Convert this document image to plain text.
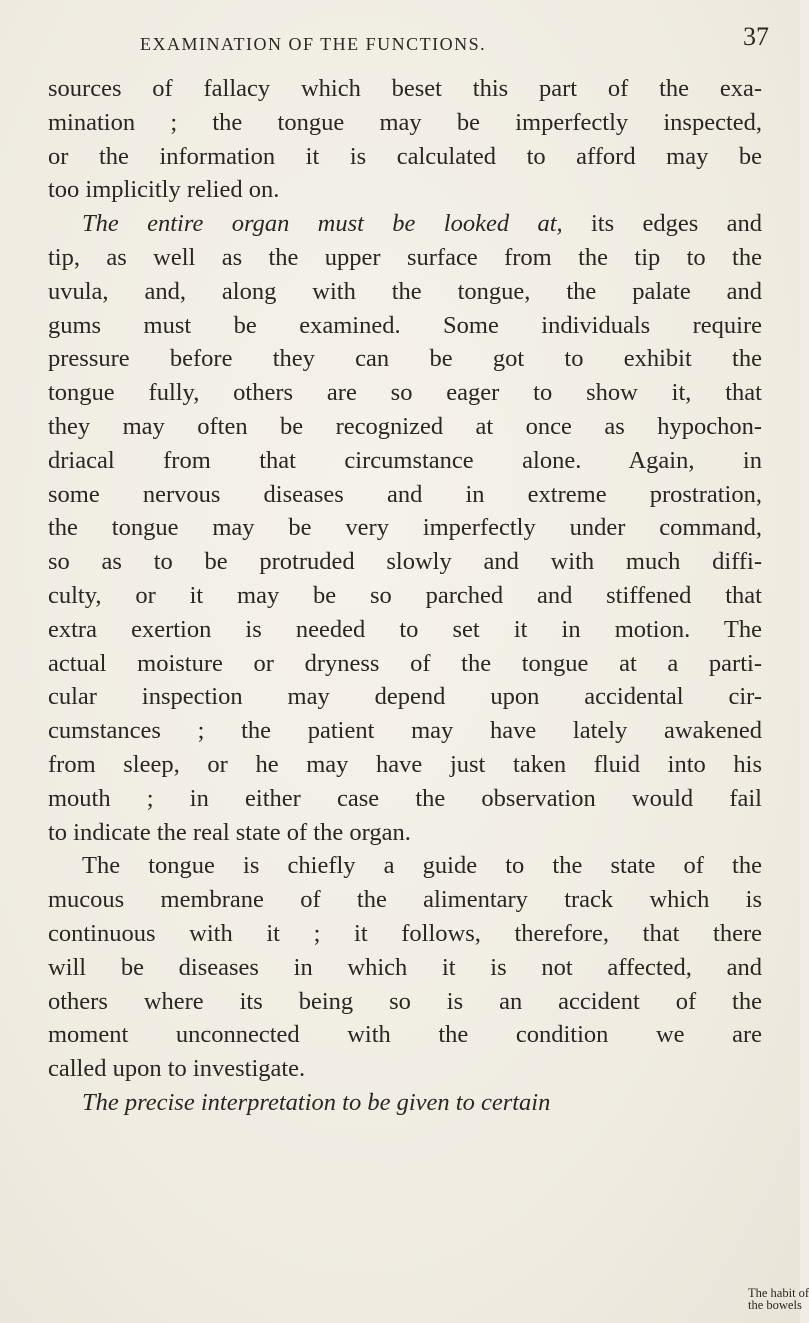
EXAMINATION OF THE FUNCTIONS.	37
sources of fallacy which beset this part of the exa-
mination ; the tongue may be imperfectly inspected,
or the information it is calculated to afford may be
too implicitly relied on.
The entire organ must be looked at, its edges and
tip, as well as the upper surface from the tip to the
uvula, and, along with the tongue, the palate and
gums must be examined. Some individuals require
pressure before they can be got to exhibit the
tongue fully, others are so eager to show it, that
they may often be recognized at once as hypochon-
driacal from that circumstance alone. Again, in
some nervous diseases and in extreme prostration,
the tongue may be very imperfectly under command,
so as to be protruded slowly and with much diffi-
culty, or it may be so parched and stiffened that
extra exertion is needed to set it in motion. The
actual moisture or dryness of the tongue at a parti-
cular inspection may depend upon accidental cir-
cumstances ; the patient may have lately awakened
from sleep, or he may have just taken fluid into his
mouth ; in either case the observation would fail
to indicate the real state of the organ.
The tongue is chiefly a guide to the state of the
mucous membrane of the alimentary track which is
continuous with it ; it follows, therefore, that there
will be diseases in which it is not affected, and
others where its being so is an accident of the
moment unconnected with the condition we are
called upon to investigate.
The precise interpretation to be given to certain
The habit of
the bowels
